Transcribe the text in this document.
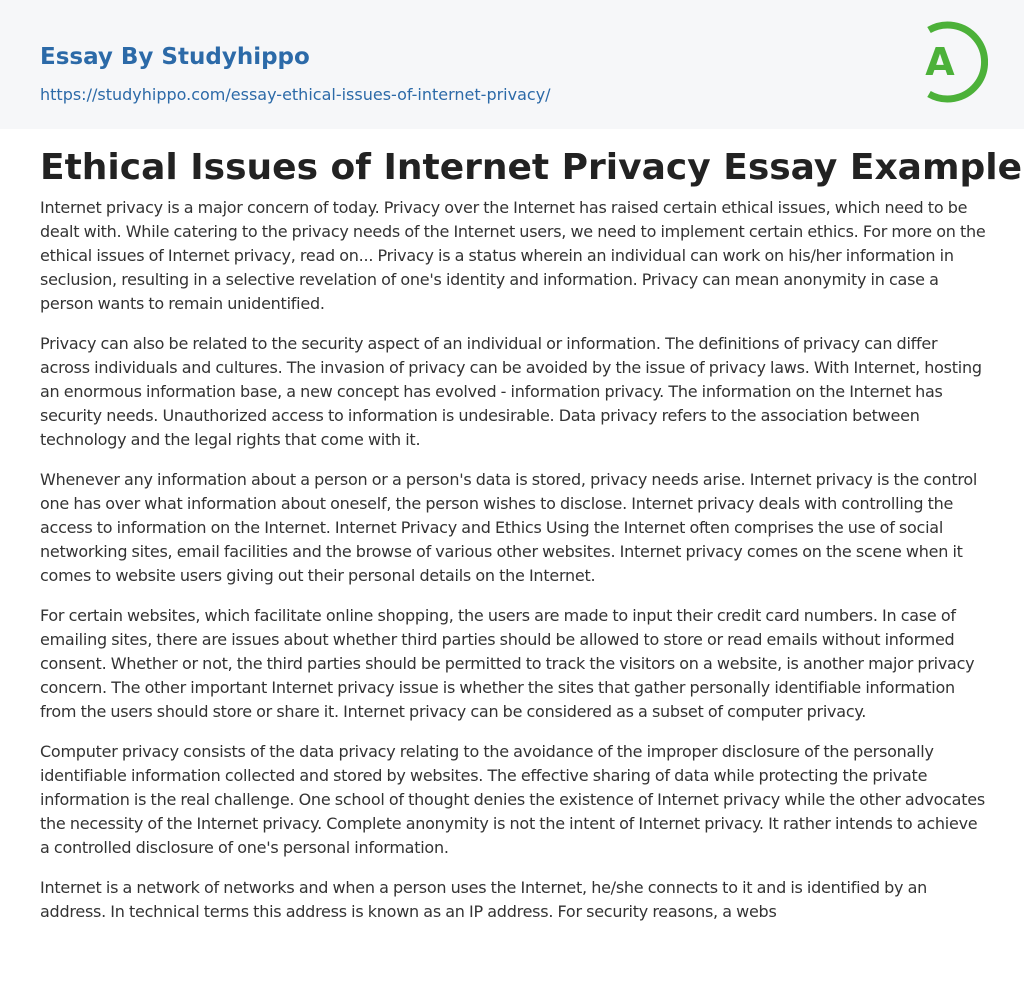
Essay By Studyhippo
https://studyhippo.com/essay-ethical-issues-of-internet-privacy/
A
Ethical Issues of Internet Privacy Essay Example

Internet privacy is a major concern of today. Privacy over the Internet has raised certain ethical issues, which need to be dealt with. While catering to the privacy needs of the Internet users, we need to implement certain ethics. For more on the ethical issues of Internet privacy, read on... Privacy is a status wherein an individual can work on his/her information in seclusion, resulting in a selective revelation of one's identity and information. Privacy can mean anonymity in case a person wants to remain unidentified.

Privacy can also be related to the security aspect of an individual or information. The definitions of privacy can differ across individuals and cultures. The invasion of privacy can be avoided by the issue of privacy laws. With Internet, hosting an enormous information base, a new concept has evolved - information privacy. The information on the Internet has security needs. Unauthorized access to information is undesirable. Data privacy refers to the association between technology and the legal rights that come with it.

Whenever any information about a person or a person's data is stored, privacy needs arise. Internet privacy is the control one has over what information about oneself, the person wishes to disclose. Internet privacy deals with controlling the access to information on the Internet. Internet Privacy and Ethics Using the Internet often comprises the use of social networking sites, email facilities and the browse of various other websites. Internet privacy comes on the scene when it comes to website users giving out their personal details on the Internet.

For certain websites, which facilitate online shopping, the users are made to input their credit card numbers. In case of emailing sites, there are issues about whether third parties should be allowed to store or read emails without informed consent. Whether or not, the third parties should be permitted to track the visitors on a website, is another major privacy concern. The other important Internet privacy issue is whether the sites that gather personally identifiable information from the users should store or share it. Internet privacy can be considered as a subset of computer privacy.

Computer privacy consists of the data privacy relating to the avoidance of the improper disclosure of the personally identifiable information collected and stored by websites. The effective sharing of data while protecting the private information is the real challenge. One school of thought denies the existence of Internet privacy while the other advocates the necessity of the Internet privacy. Complete anonymity is not the intent of Internet privacy. It rather intends to achieve a controlled disclosure of one's personal information.

Internet is a network of networks and when a person uses the Internet, he/she connects to it and is identified by an address. In technical terms this address is known as an IP address. For security reasons, a webs
